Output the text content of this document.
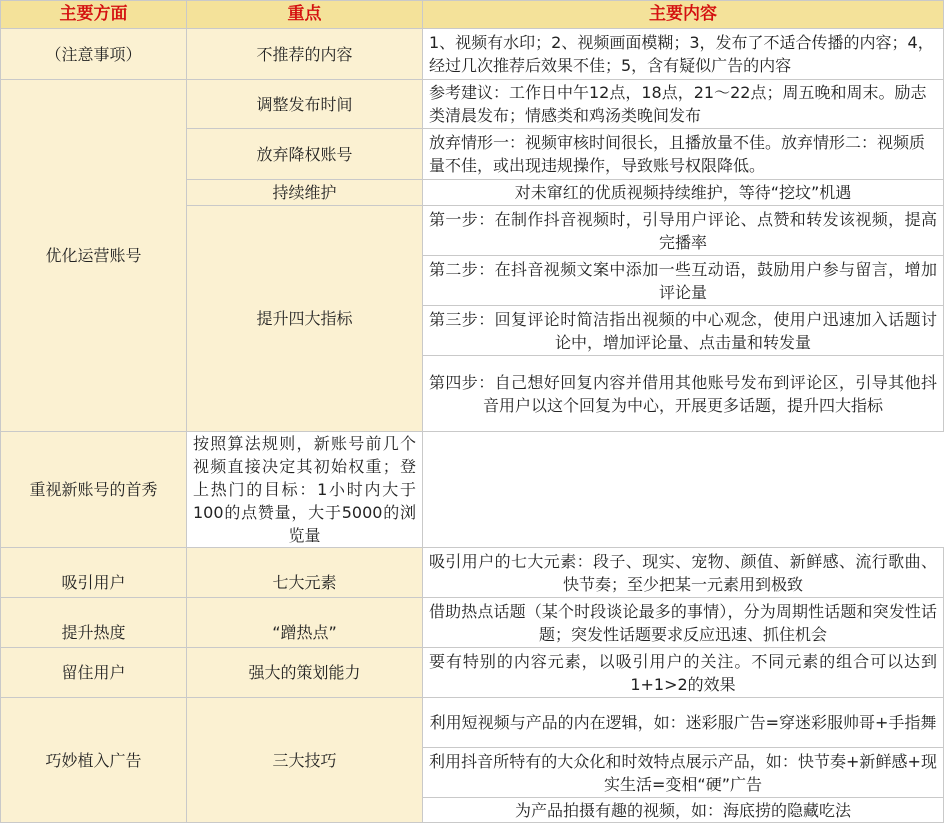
主要方面	重点	主要内容
（注意事项）	不推荐的内容	1、视频有水印；2、视频画面模糊；3，发布了不适合传播的内容；4，经过几次推荐后效果不佳；5，含有疑似广告的内容
优化运营账号	调整发布时间	参考建议：工作日中午12点，18点，21～22点；周五晚和周末。励志类清晨发布；情感类和鸡汤类晚间发布
	放弃降权账号	放弃情形一：视频审核时间很长，且播放量不佳。放弃情形二：视频质量不佳，或出现违规操作，导致账号权限降低。
	持续维护	对未窜红的优质视频持续维护，等待“挖坟”机遇
	提升四大指标	第一步：在制作抖音视频时，引导用户评论、点赞和转发该视频，提高完播率
		第二步：在抖音视频文案中添加一些互动语，鼓励用户参与留言，增加评论量
		第三步：回复评论时简洁指出视频的中心观念，使用户迅速加入话题讨论中，增加评论量、点击量和转发量
		第四步：自己想好回复内容并借用其他账号发布到评论区，引导其他抖音用户以这个回复为中心，开展更多话题，提升四大指标
重视新账号的首秀	按照算法规则，新账号前几个视频直接决定其初始权重；登上热门的目标：1小时内大于100的点赞量，大于5000的浏览量	
吸引用户	七大元素	吸引用户的七大元素：段子、现实、宠物、颜值、新鲜感、流行歌曲、快节奏；至少把某一元素用到极致
提升热度	“蹭热点”	借助热点话题（某个时段谈论最多的事情），分为周期性话题和突发性话题；突发性话题要求反应迅速、抓住机会
留住用户	强大的策划能力	要有特别的内容元素，以吸引用户的关注。不同元素的组合可以达到1+1>2的效果
巧妙植入广告	三大技巧	利用短视频与产品的内在逻辑，如：迷彩服广告=穿迷彩服帅哥+手指舞
		利用抖音所特有的大众化和时效特点展示产品，如：快节奏+新鲜感+现实生活=变相“硬”广告
		为产品拍摄有趣的视频，如：海底捞的隐藏吃法
